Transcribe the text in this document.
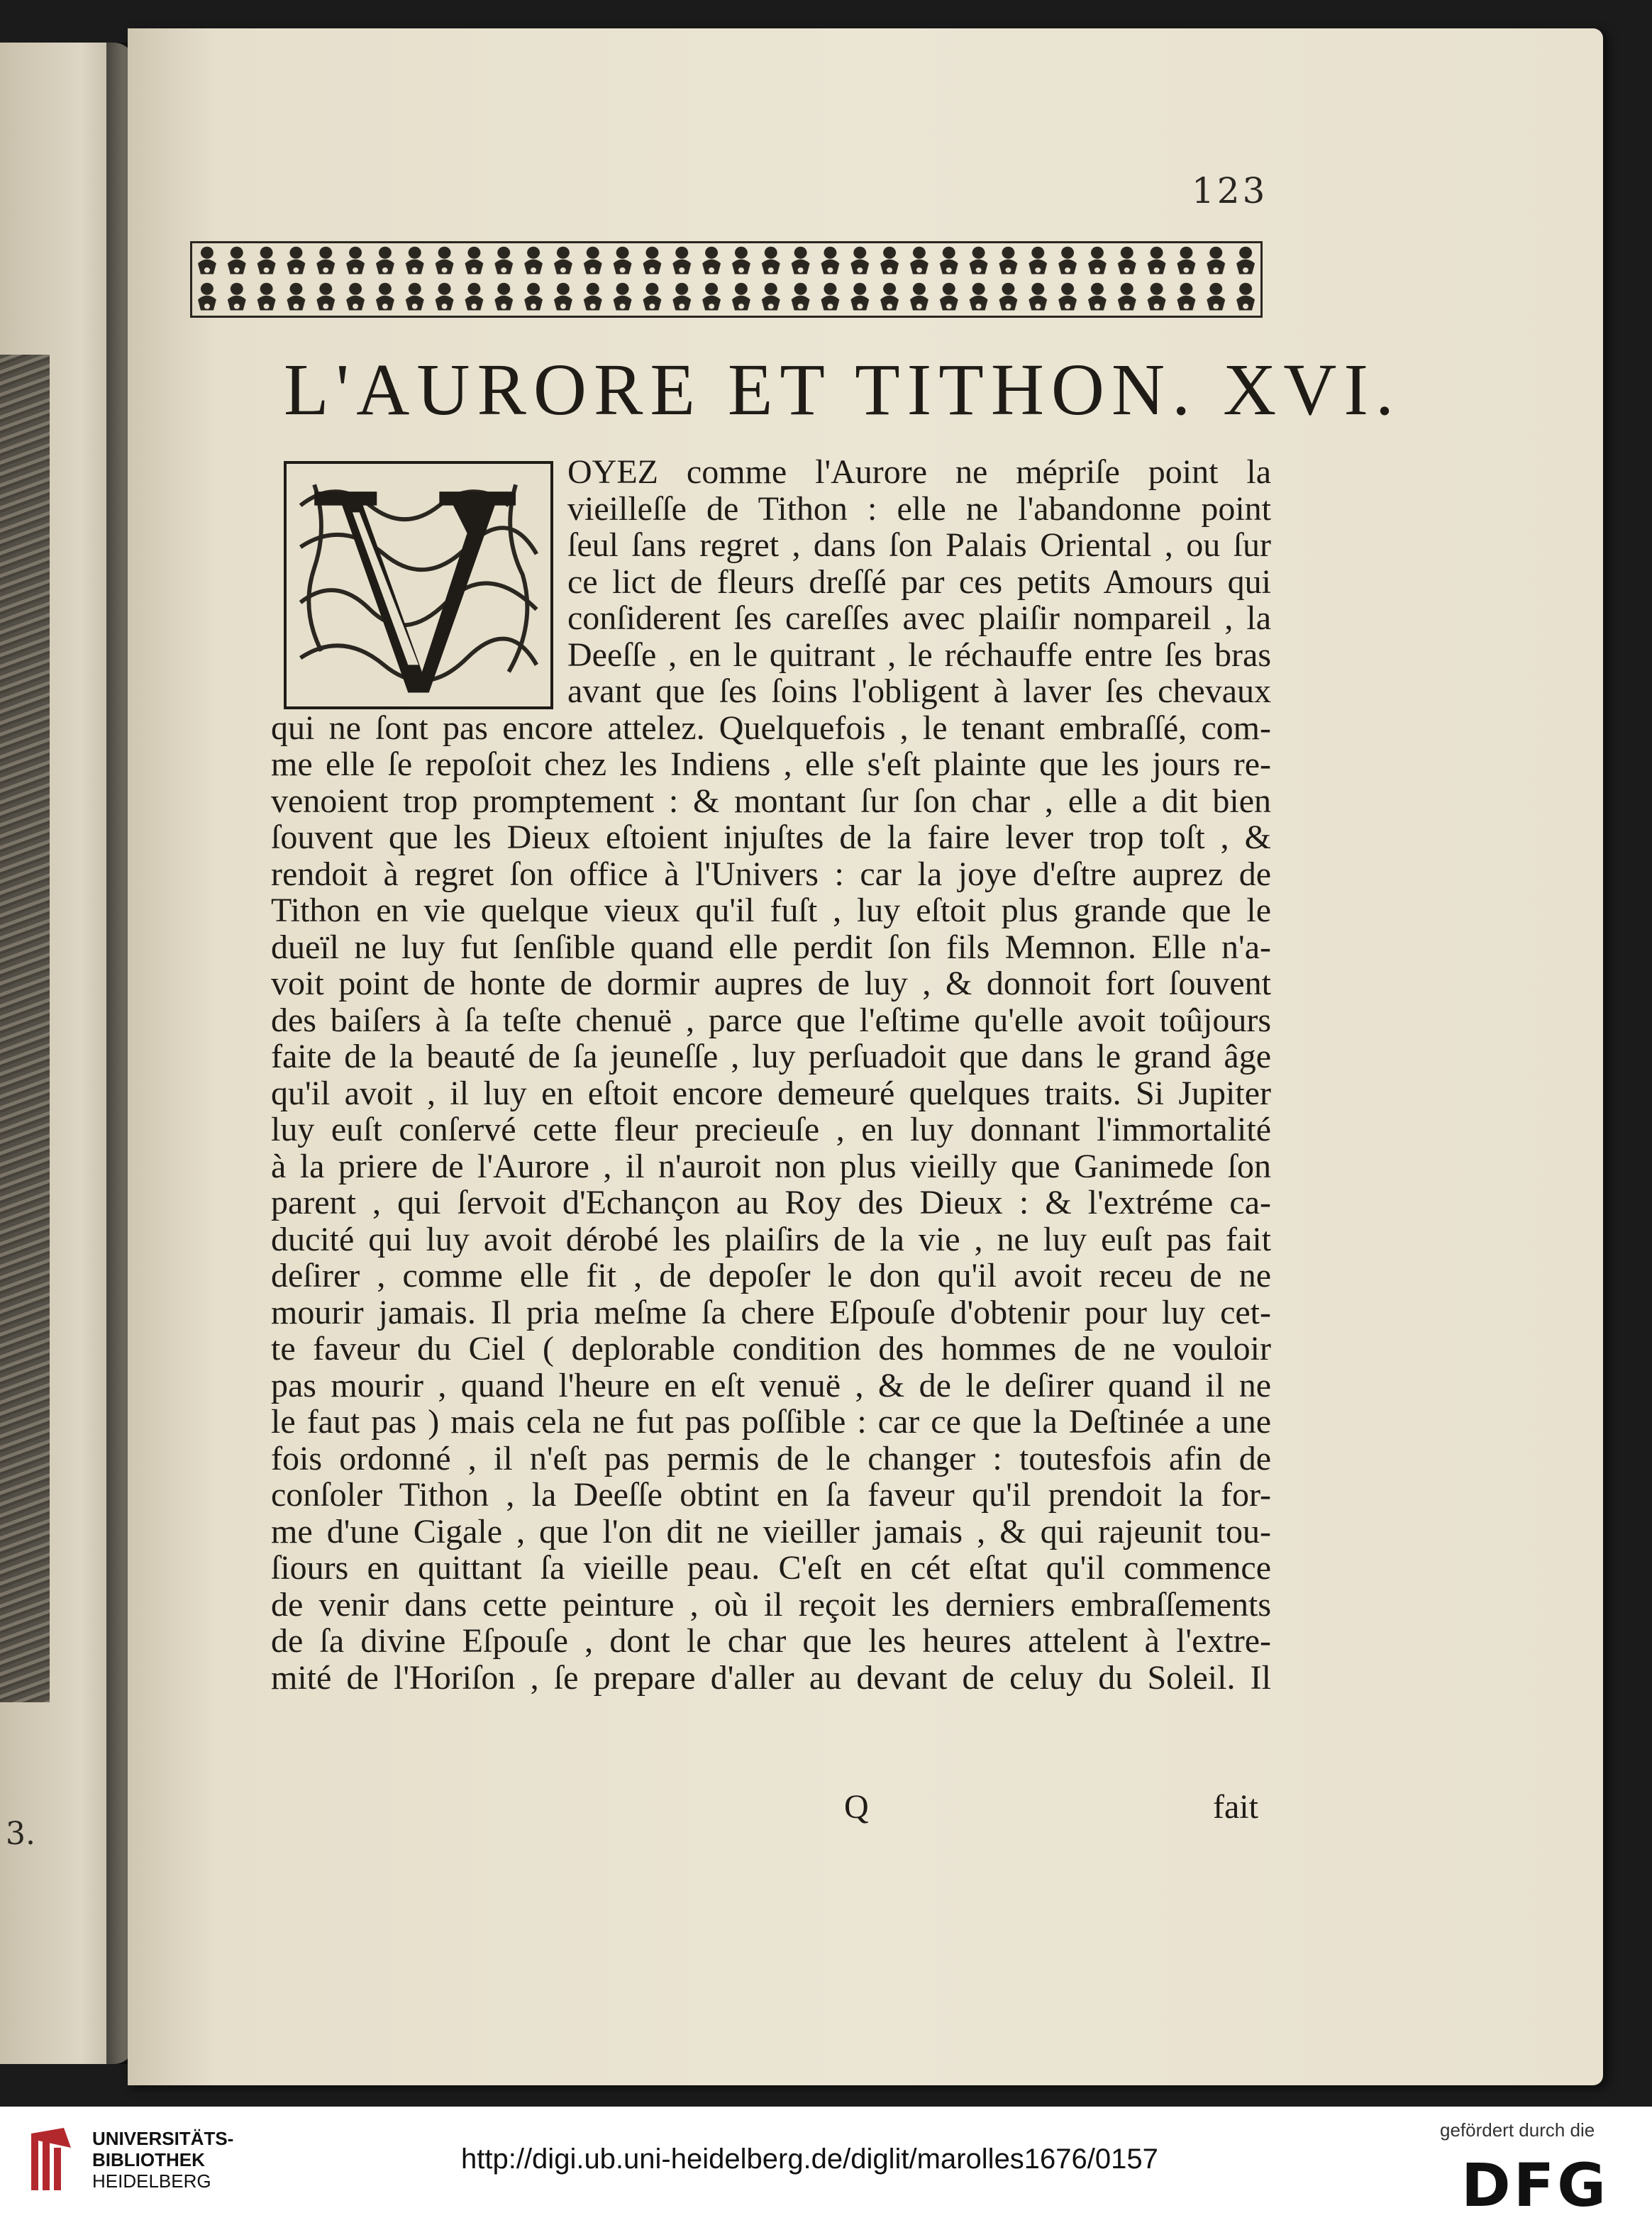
3.
123
L'AURORE ET TITHON. XVI.
OYEZ comme l'Aurore ne mépriſe point la
vieilleſſe de Tithon : elle ne l'abandonne point
ſeul ſans regret , dans ſon Palais Oriental , ou ſur
ce lict de fleurs dreſſé par ces petits Amours qui
conſiderent ſes careſſes avec plaiſir nompareil , la
Deeſſe , en le quitrant , le réchauffe entre ſes bras
avant que ſes ſoins l'obligent à laver ſes chevaux
qui ne ſont pas encore attelez. Quelquefois , le tenant embraſſé, com-
me elle ſe repoſoit chez les Indiens , elle s'eſt plainte que les jours re-
venoient trop promptement : & montant ſur ſon char , elle a dit bien
ſouvent que les Dieux eſtoient injuſtes de la faire lever trop toſt , &
rendoit à regret ſon office à l'Univers : car la joye d'eſtre auprez de
Tithon en vie quelque vieux qu'il fuſt , luy eſtoit plus grande que le
dueïl ne luy fut ſenſible quand elle perdit ſon fils Memnon. Elle n'a-
voit point de honte de dormir aupres de luy , & donnoit fort ſouvent
des baiſers à ſa teſte chenuë , parce que l'eſtime qu'elle avoit toûjours
faite de la beauté de ſa jeuneſſe , luy perſuadoit que dans le grand âge
qu'il avoit , il luy en eſtoit encore demeuré quelques traits. Si Jupiter
luy euſt conſervé cette fleur precieuſe , en luy donnant l'immortalité
à la priere de l'Aurore , il n'auroit non plus vieilly que Ganimede ſon
parent , qui ſervoit d'Echançon au Roy des Dieux : & l'extréme ca-
ducité qui luy avoit dérobé les plaiſirs de la vie , ne luy euſt pas fait
deſirer , comme elle fit , de depoſer le don qu'il avoit receu de ne
mourir jamais. Il pria meſme ſa chere Eſpouſe d'obtenir pour luy cet-
te faveur du Ciel ( deplorable condition des hommes de ne vouloir
pas mourir , quand l'heure en eſt venuë , & de le deſirer quand il ne
le faut pas ) mais cela ne fut pas poſſible : car ce que la Deſtinée a une
fois ordonné , il n'eſt pas permis de le changer : toutesfois afin de
conſoler Tithon , la Deeſſe obtint en ſa faveur qu'il prendoit la for-
me d'une Cigale , que l'on dit ne vieiller jamais , & qui rajeunit tou-
ſiours en quittant ſa vieille peau. C'eſt en cét eſtat qu'il commence
de venir dans cette peinture , où il reçoit les derniers embraſſements
de ſa divine Eſpouſe , dont le char que les heures attelent à l'extre-
mité de l'Horiſon , ſe prepare d'aller au devant de celuy du Soleil. Il
Q	fait
UNIVERSITÄTS-
BIBLIOTHEK
HEIDELBERG
http://digi.ub.uni-heidelberg.de/diglit/marolles1676/0157
gefördert durch die
DFG
